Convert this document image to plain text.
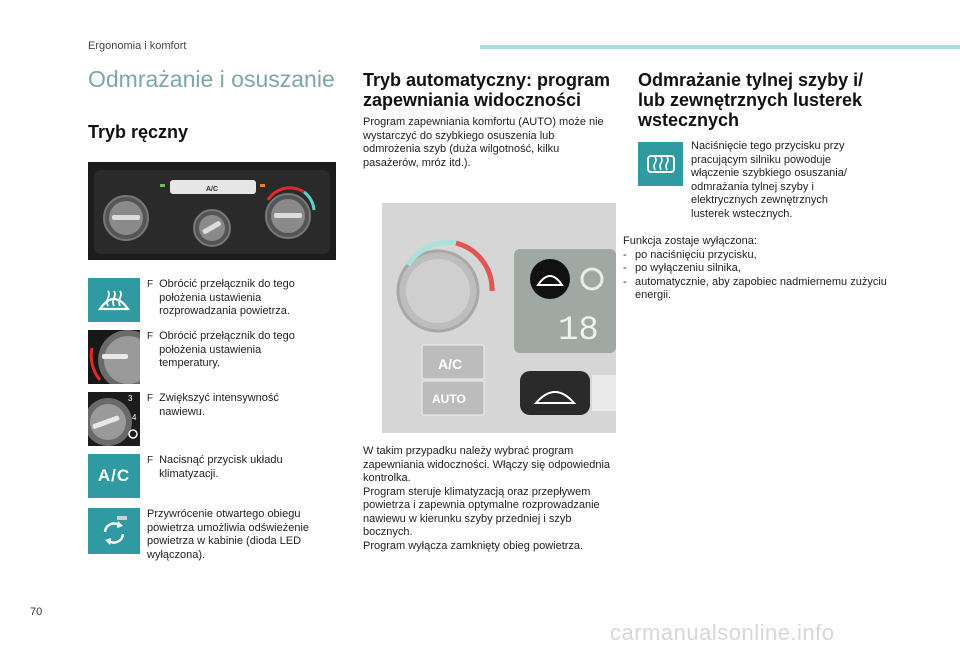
Ergonomia i komfort
Odmrażanie i osuszanie
Tryb ręczny
A/C
F Obrócić przełącznik do tego położenia ustawienia rozprowadzania powietrza.
F Obrócić przełącznik do tego położenia ustawienia temperatury.
3
4
F Zwiększyć intensywność nawiewu.
A/C
F Nacisnąć przycisk układu klimatyzacji.
Przywrócenie otwartego obiegu powietrza umożliwia odświeżenie powietrza w kabinie (dioda LED wyłączona).
Tryb automatyczny: program
zapewniania widoczności
Program zapewniania komfortu (AUTO) może nie wystarczyć do szybkiego osuszenia lub odmrożenia szyb (duża wilgotność, kilku pasażerów, mróz itd.).
18
A/C
AUTO
W takim przypadku należy wybrać program zapewniania widoczności. Włączy się odpowiednia kontrolka.
Program steruje klimatyzacją oraz przepływem powietrza i zapewnia optymalne rozprowadzanie nawiewu w kierunku szyby przedniej i szyb bocznych.
Program wyłącza zamknięty obieg powietrza.
Odmrażanie tylnej szyby i/
lub zewnętrznych lusterek
wstecznych
Naciśnięcie tego przycisku przy pracującym silniku powoduje włączenie szybkiego osuszania/ odmrażania tylnej szyby i elektrycznych zewnętrznych lusterek wstecznych.
Funkcja zostaje wyłączona:
- po naciśnięciu przycisku,
- po wyłączeniu silnika,
- automatycznie, aby zapobiec nadmiernemu zużyciu energii.
70
carmanualsonline.info
